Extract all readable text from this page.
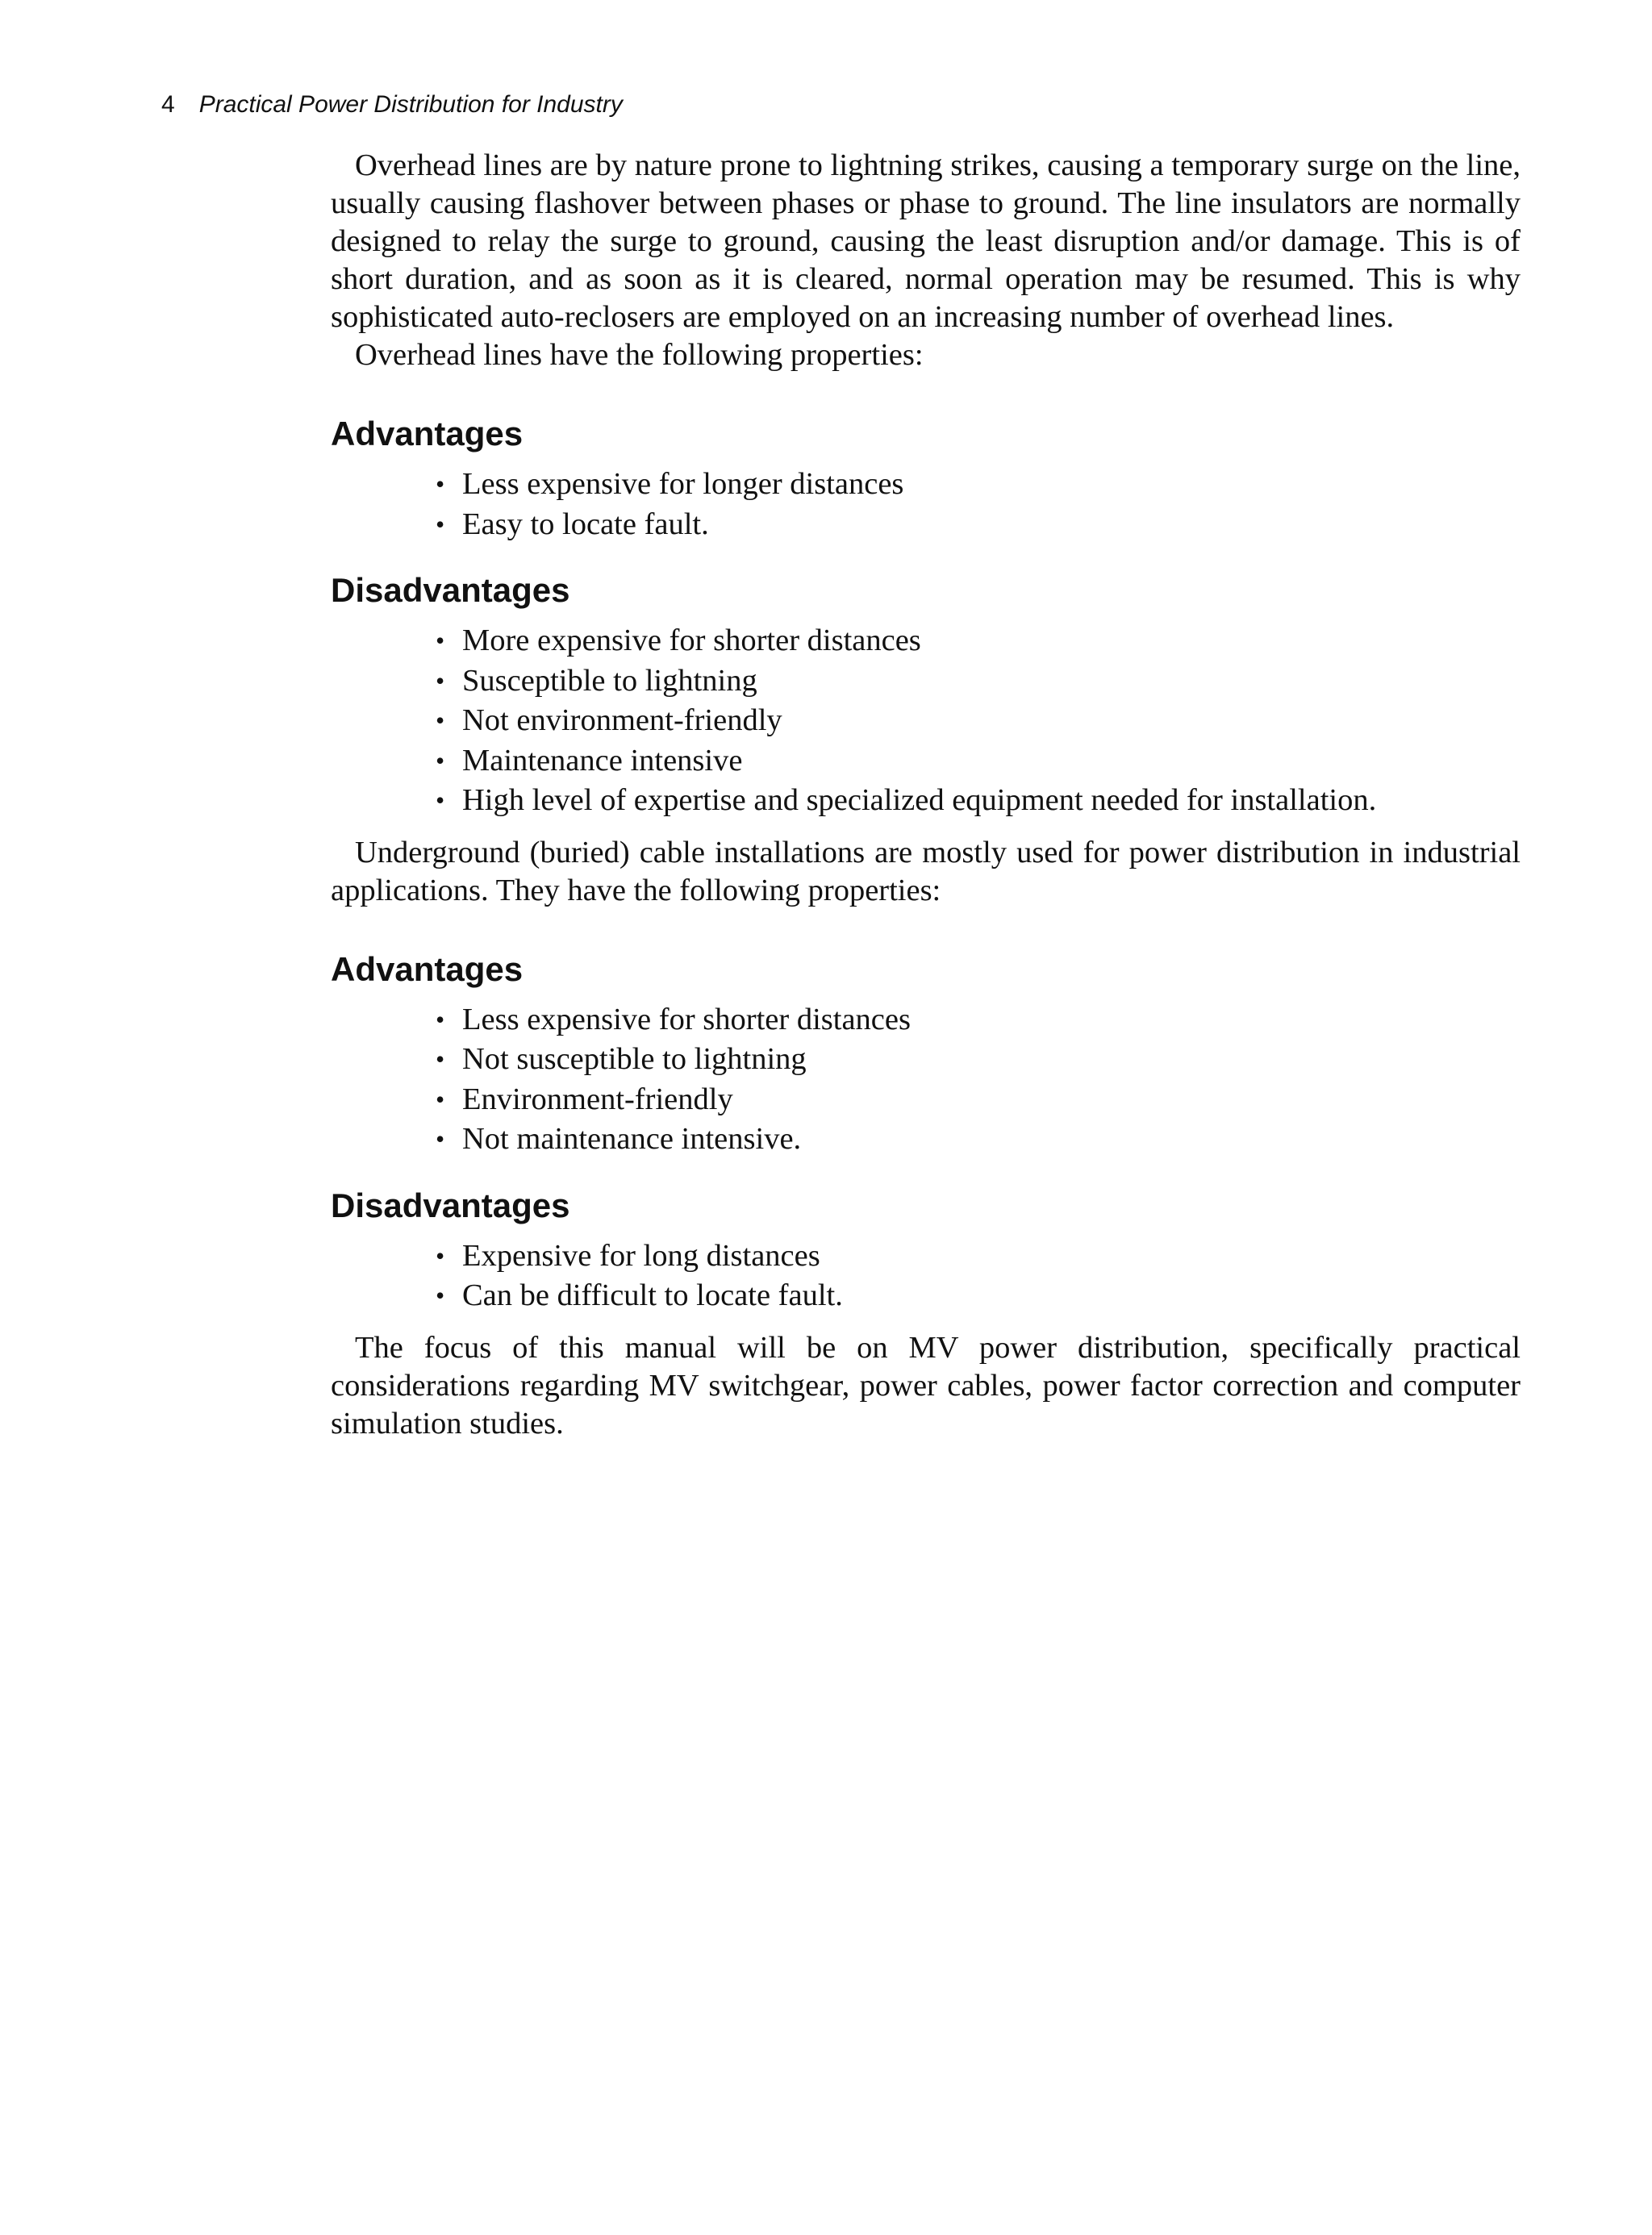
4 Practical Power Distribution for Industry

Overhead lines are by nature prone to lightning strikes, causing a temporary surge on the line, usually causing flashover between phases or phase to ground. The line insulators are normally designed to relay the surge to ground, causing the least disruption and/or damage. This is of short duration, and as soon as it is cleared, normal operation may be resumed. This is why sophisticated auto-reclosers are employed on an increasing number of overhead lines.

Overhead lines have the following properties:

Advantages
• Less expensive for longer distances
• Easy to locate fault.
Disadvantages
• More expensive for shorter distances
• Susceptible to lightning
• Not environment-friendly
• Maintenance intensive
• High level of expertise and specialized equipment needed for installation.

Underground (buried) cable installations are mostly used for power distribution in industrial applications. They have the following properties:

Advantages
• Less expensive for shorter distances
• Not susceptible to lightning
• Environment-friendly
• Not maintenance intensive.
Disadvantages
• Expensive for long distances
• Can be difficult to locate fault.

The focus of this manual will be on MV power distribution, specifically practical considerations regarding MV switchgear, power cables, power factor correction and computer simulation studies.
